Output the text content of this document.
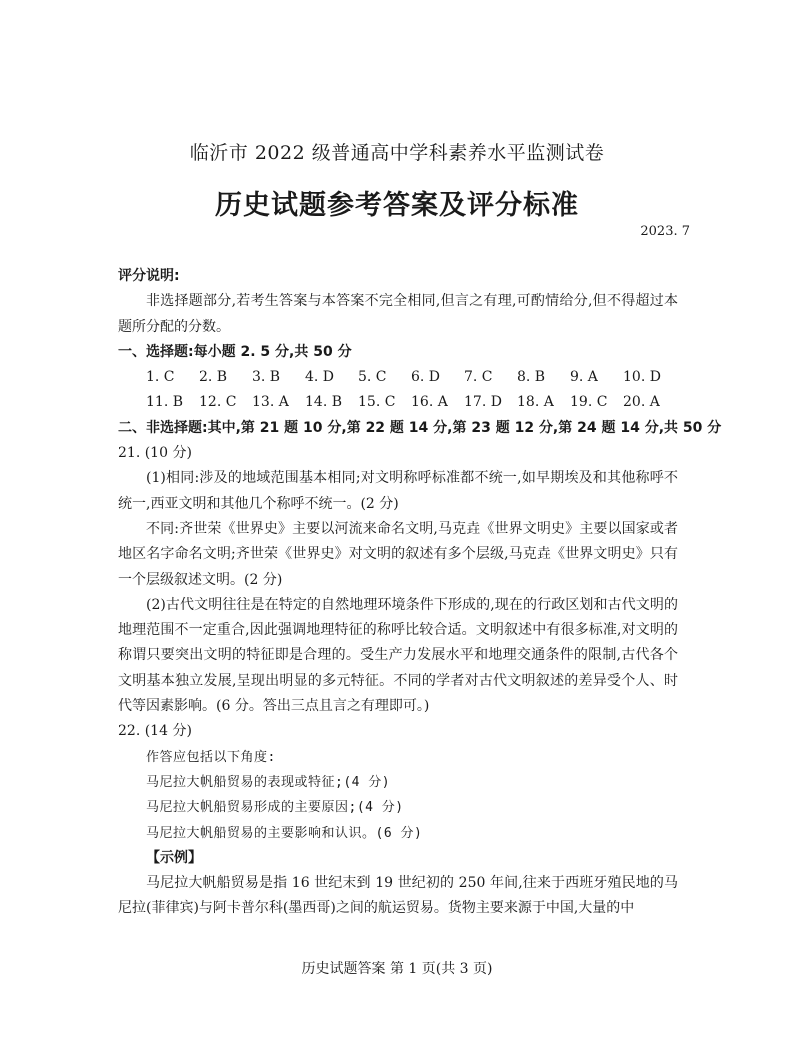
临沂市 2022 级普通高中学科素养水平监测试卷
历史试题参考答案及评分标准
2023. 7
评分说明:
非选择题部分,若考生答案与本答案不完全相同,但言之有理,可酌情给分,但不得超过本题所分配的分数。
一、选择题:每小题 2. 5 分,共 50 分
1. C	2. B	3. B	4. D	5. C	6. D	7. C	8. B	9. A	10. D
11. B	12. C	13. A	14. B	15. C	16. A	17. D	18. A	19. C	20. A
二、非选择题:其中,第 21 题 10 分,第 22 题 14 分,第 23 题 12 分,第 24 题 14 分,共 50 分
21. (10 分)
(1)相同:涉及的地域范围基本相同;对文明称呼标准都不统一,如早期埃及和其他称呼不统一,西亚文明和其他几个称呼不统一。(2 分)
不同:齐世荣《世界史》主要以河流来命名文明,马克垚《世界文明史》主要以国家或者地区名字命名文明;齐世荣《世界史》对文明的叙述有多个层级,马克垚《世界文明史》只有一个层级叙述文明。(2 分)
(2)古代文明往往是在特定的自然地理环境条件下形成的,现在的行政区划和古代文明的地理范围不一定重合,因此强调地理特征的称呼比较合适。文明叙述中有很多标准,对文明的称谓只要突出文明的特征即是合理的。受生产力发展水平和地理交通条件的限制,古代各个文明基本独立发展,呈现出明显的多元特征。不同的学者对古代文明叙述的差异受个人、时代等因素影响。(6 分。答出三点且言之有理即可。)
22. (14 分)
作答应包括以下角度:
马尼拉大帆船贸易的表现或特征;(4 分)
马尼拉大帆船贸易形成的主要原因;(4 分)
马尼拉大帆船贸易的主要影响和认识。(6 分)
【示例】
马尼拉大帆船贸易是指 16 世纪末到 19 世纪初的 250 年间,往来于西班牙殖民地的马尼拉(菲律宾)与阿卡普尔科(墨西哥)之间的航运贸易。货物主要来源于中国,大量的中
历史试题答案 第 1 页(共 3 页)
